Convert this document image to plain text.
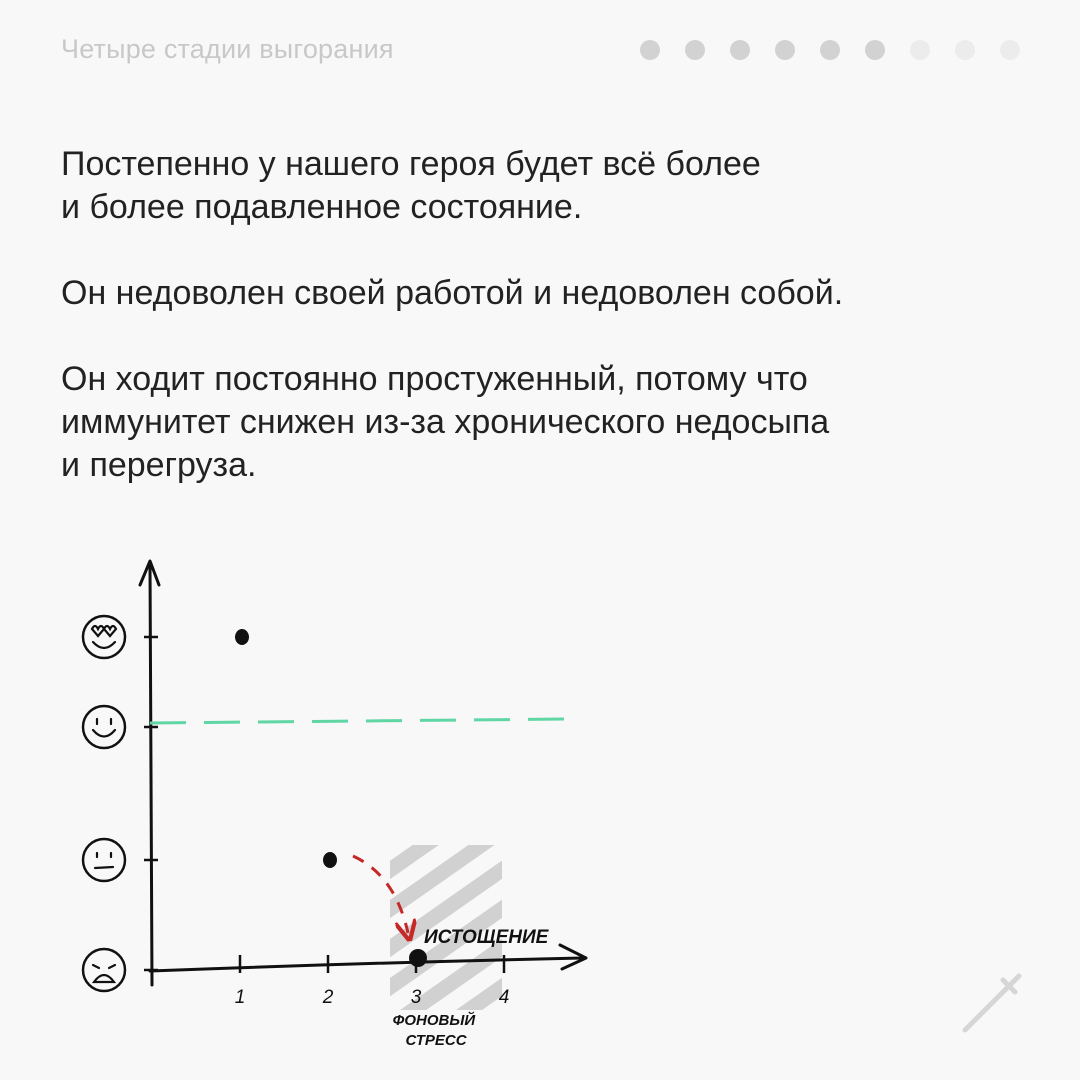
Четыре стадии выгорания

Постепенно у нашего героя будет всё более
и более подавленное состояние.

Он недоволен своей работой и недоволен собой.

Он ходит постоянно простуженный, потому что
иммунитет снижен из‑за хронического недосыпа
и перегруза.

1	2	3	4
ИСТОЩЕНИЕ
ФОНОВЫЙ СТРЕСС
